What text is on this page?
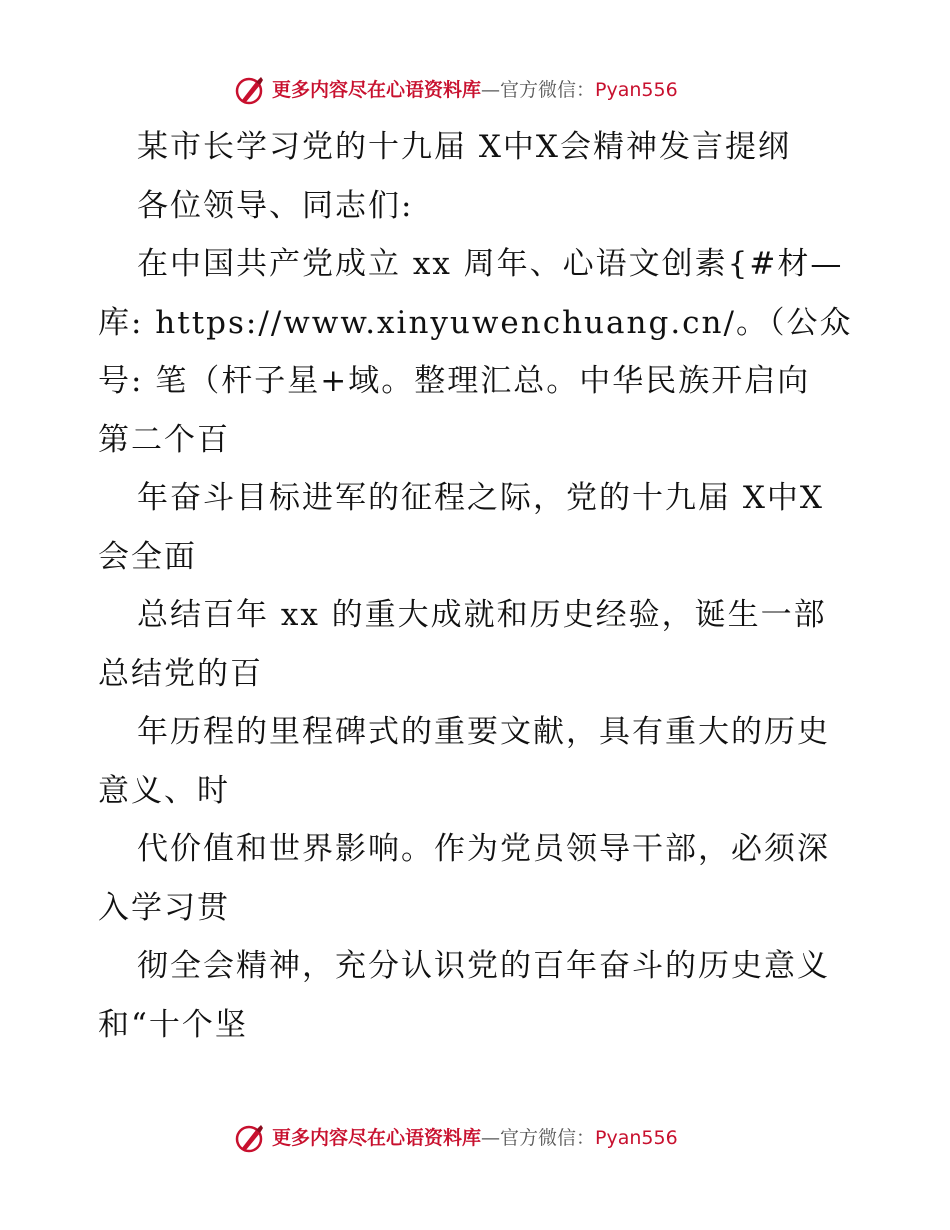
更多内容尽在心语资料库—官方微信：Pyan556
某市长学习党的十九届 X中X会精神发言提纲
各位领导、同志们:
在中国共产党成立 xx 周年、心语文创素{#材—
库: https://www.xinyuwenchuang.cn/。（公众
号: 笔（杆子星+域。整理汇总。中华民族开启向
第二个百
年奋斗目标进军的征程之际，党的十九届 X中X
会全面
总结百年 xx 的重大成就和历史经验，诞生一部
总结党的百
年历程的里程碑式的重要文献，具有重大的历史
意义、时
代价值和世界影响。作为党员领导干部，必须深
入学习贯
彻全会精神，充分认识党的百年奋斗的历史意义
和“十个坚
更多内容尽在心语资料库—官方微信：Pyan556
